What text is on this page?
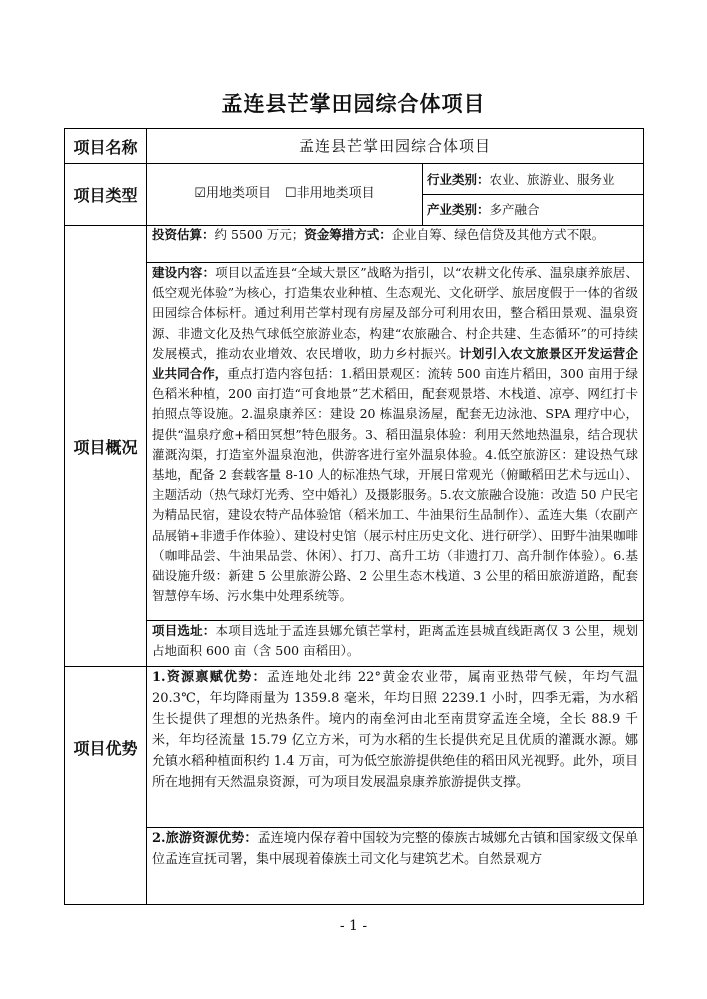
孟连县芒掌田园综合体项目
项目名称	孟连县芒掌田园综合体项目
项目类型	☑用地类项目 ☐非用地类项目
行业类别：农业、旅游业、服务业
产业类别：多产融合
项目概况
投资估算：约 5500 万元；资金筹措方式：企业自筹、绿色信贷及其他方式不限。
建设内容：项目以孟连县“全域大景区”战略为指引，以“农耕文化传承、温泉康养旅居、低空观光体验”为核心，打造集农业种植、生态观光、文化研学、旅居度假于一体的省级田园综合体标杆。通过利用芒掌村现有房屋及部分可利用农田，整合稻田景观、温泉资源、非遗文化及热气球低空旅游业态，构建“农旅融合、村企共建、生态循环”的可持续发展模式，推动农业增效、农民增收，助力乡村振兴。计划引入农文旅景区开发运营企业共同合作，重点打造内容包括：1.稻田景观区：流转 500 亩连片稻田，300 亩用于绿色稻米种植，200 亩打造“可食地景”艺术稻田，配套观景塔、木栈道、凉亭、网红打卡拍照点等设施。2.温泉康养区：建设 20 栋温泉汤屋，配套无边泳池、SPA 理疗中心，提供“温泉疗愈+稻田冥想”特色服务。3、稻田温泉体验：利用天然地热温泉，结合现状灌溉沟渠，打造室外温泉泡池，供游客进行室外温泉体验。4.低空旅游区：建设热气球基地，配备 2 套载客量 8-10 人的标准热气球，开展日常观光（俯瞰稻田艺术与远山）、主题活动（热气球灯光秀、空中婚礼）及摄影服务。5.农文旅融合设施：改造 50 户民宅为精品民宿，建设农特产品体验馆（稻米加工、牛油果衍生品制作）、孟连大集（农副产品展销+非遗手作体验）、建设村史馆（展示村庄历史文化、进行研学）、田野牛油果咖啡（咖啡品尝、牛油果品尝、休闲）、打刀、高升工坊（非遗打刀、高升制作体验）。6.基础设施升级：新建 5 公里旅游公路、2 公里生态木栈道、3 公里的稻田旅游道路，配套智慧停车场、污水集中处理系统等。
项目选址：本项目选址于孟连县娜允镇芒掌村，距离孟连县城直线距离仅 3 公里，规划占地面积 600 亩（含 500 亩稻田）。
项目优势
1.资源禀赋优势：孟连地处北纬 22°黄金农业带，属南亚热带气候，年均气温 20.3℃，年均降雨量为 1359.8 毫米，年均日照 2239.1 小时，四季无霜，为水稻生长提供了理想的光热条件。境内的南垒河由北至南贯穿孟连全境，全长 88.9 千米，年均径流量 15.79 亿立方米，可为水稻的生长提供充足且优质的灌溉水源。娜允镇水稻种植面积约 1.4 万亩，可为低空旅游提供绝佳的稻田风光视野。此外，项目所在地拥有天然温泉资源，可为项目发展温泉康养旅游提供支撑。
2.旅游资源优势：孟连境内保存着中国较为完整的傣族古城娜允古镇和国家级文保单位孟连宣抚司署，集中展现着傣族土司文化与建筑艺术。自然景观方
- 1 -
